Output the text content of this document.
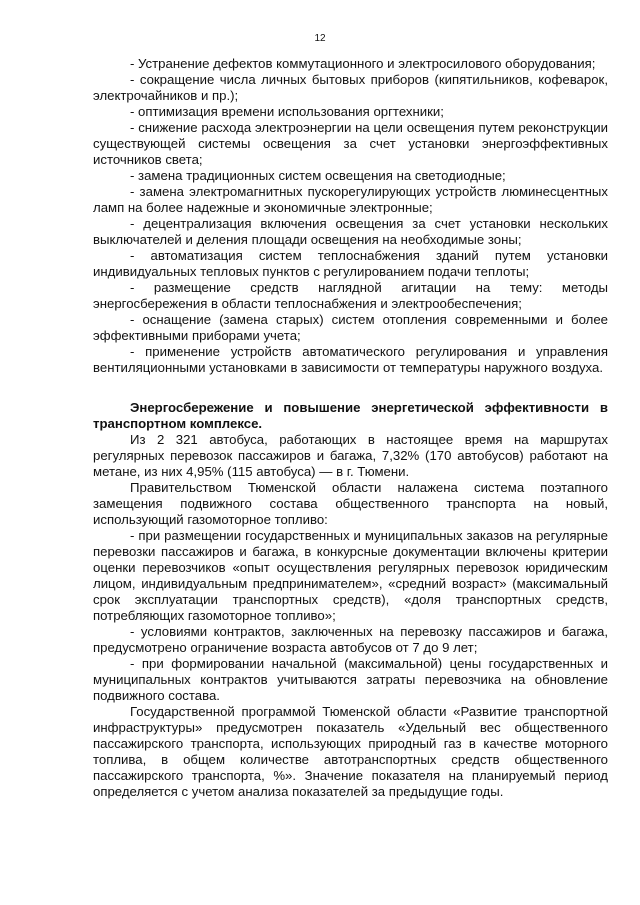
12

- Устранение дефектов коммутационного и электросилового оборудования;

- сокращение числа личных бытовых приборов (кипятильников, кофеварок, электрочайников и пр.);

- оптимизация времени использования оргтехники;

- снижение расхода электроэнергии на цели освещения путем реконструкции существующей системы освещения за счет установки энергоэффективных источников света;

- замена традиционных систем освещения на светодиодные;

- замена электромагнитных пускорегулирующих устройств люминесцентных ламп на более надежные и экономичные электронные;

- децентрализация включения освещения за счет установки нескольких выключателей и деления площади освещения на необходимые зоны;

- автоматизация систем теплоснабжения зданий путем установки индивидуальных тепловых пунктов с регулированием подачи теплоты;

- размещение средств наглядной агитации на тему: методы энергосбережения в области теплоснабжения и электрообеспечения;

- оснащение (замена старых) систем отопления современными и более эффективными приборами учета;

- применение устройств автоматического регулирования и управления вентиляционными установками в зависимости от температуры наружного воздуха.

Энергосбережение и повышение энергетической эффективности в транспортном комплексе.

Из 2 321 автобуса, работающих в настоящее время на маршрутах регулярных перевозок пассажиров и багажа, 7,32% (170 автобусов) работают на метане, из них 4,95% (115 автобуса) — в г. Тюмени.

Правительством Тюменской области налажена система поэтапного замещения подвижного состава общественного транспорта на новый, использующий газомоторное топливо:

- при размещении государственных и муниципальных заказов на регулярные перевозки пассажиров и багажа, в конкурсные документации включены критерии оценки перевозчиков «опыт осуществления регулярных перевозок юридическим лицом, индивидуальным предпринимателем», «средний возраст» (максимальный срок эксплуатации транспортных средств), «доля транспортных средств, потребляющих газомоторное топливо»;

- условиями контрактов, заключенных на перевозку пассажиров и багажа, предусмотрено ограничение возраста автобусов от 7 до 9 лет;

- при формировании начальной (максимальной) цены государственных и муниципальных контрактов учитываются затраты перевозчика на обновление подвижного состава.

Государственной программой Тюменской области «Развитие транспортной инфраструктуры» предусмотрен показатель «Удельный вес общественного пассажирского транспорта, использующих природный газ в качестве моторного топлива, в общем количестве автотранспортных средств общественного пассажирского транспорта, %». Значение показателя на планируемый период определяется с учетом анализа показателей за предыдущие годы.
